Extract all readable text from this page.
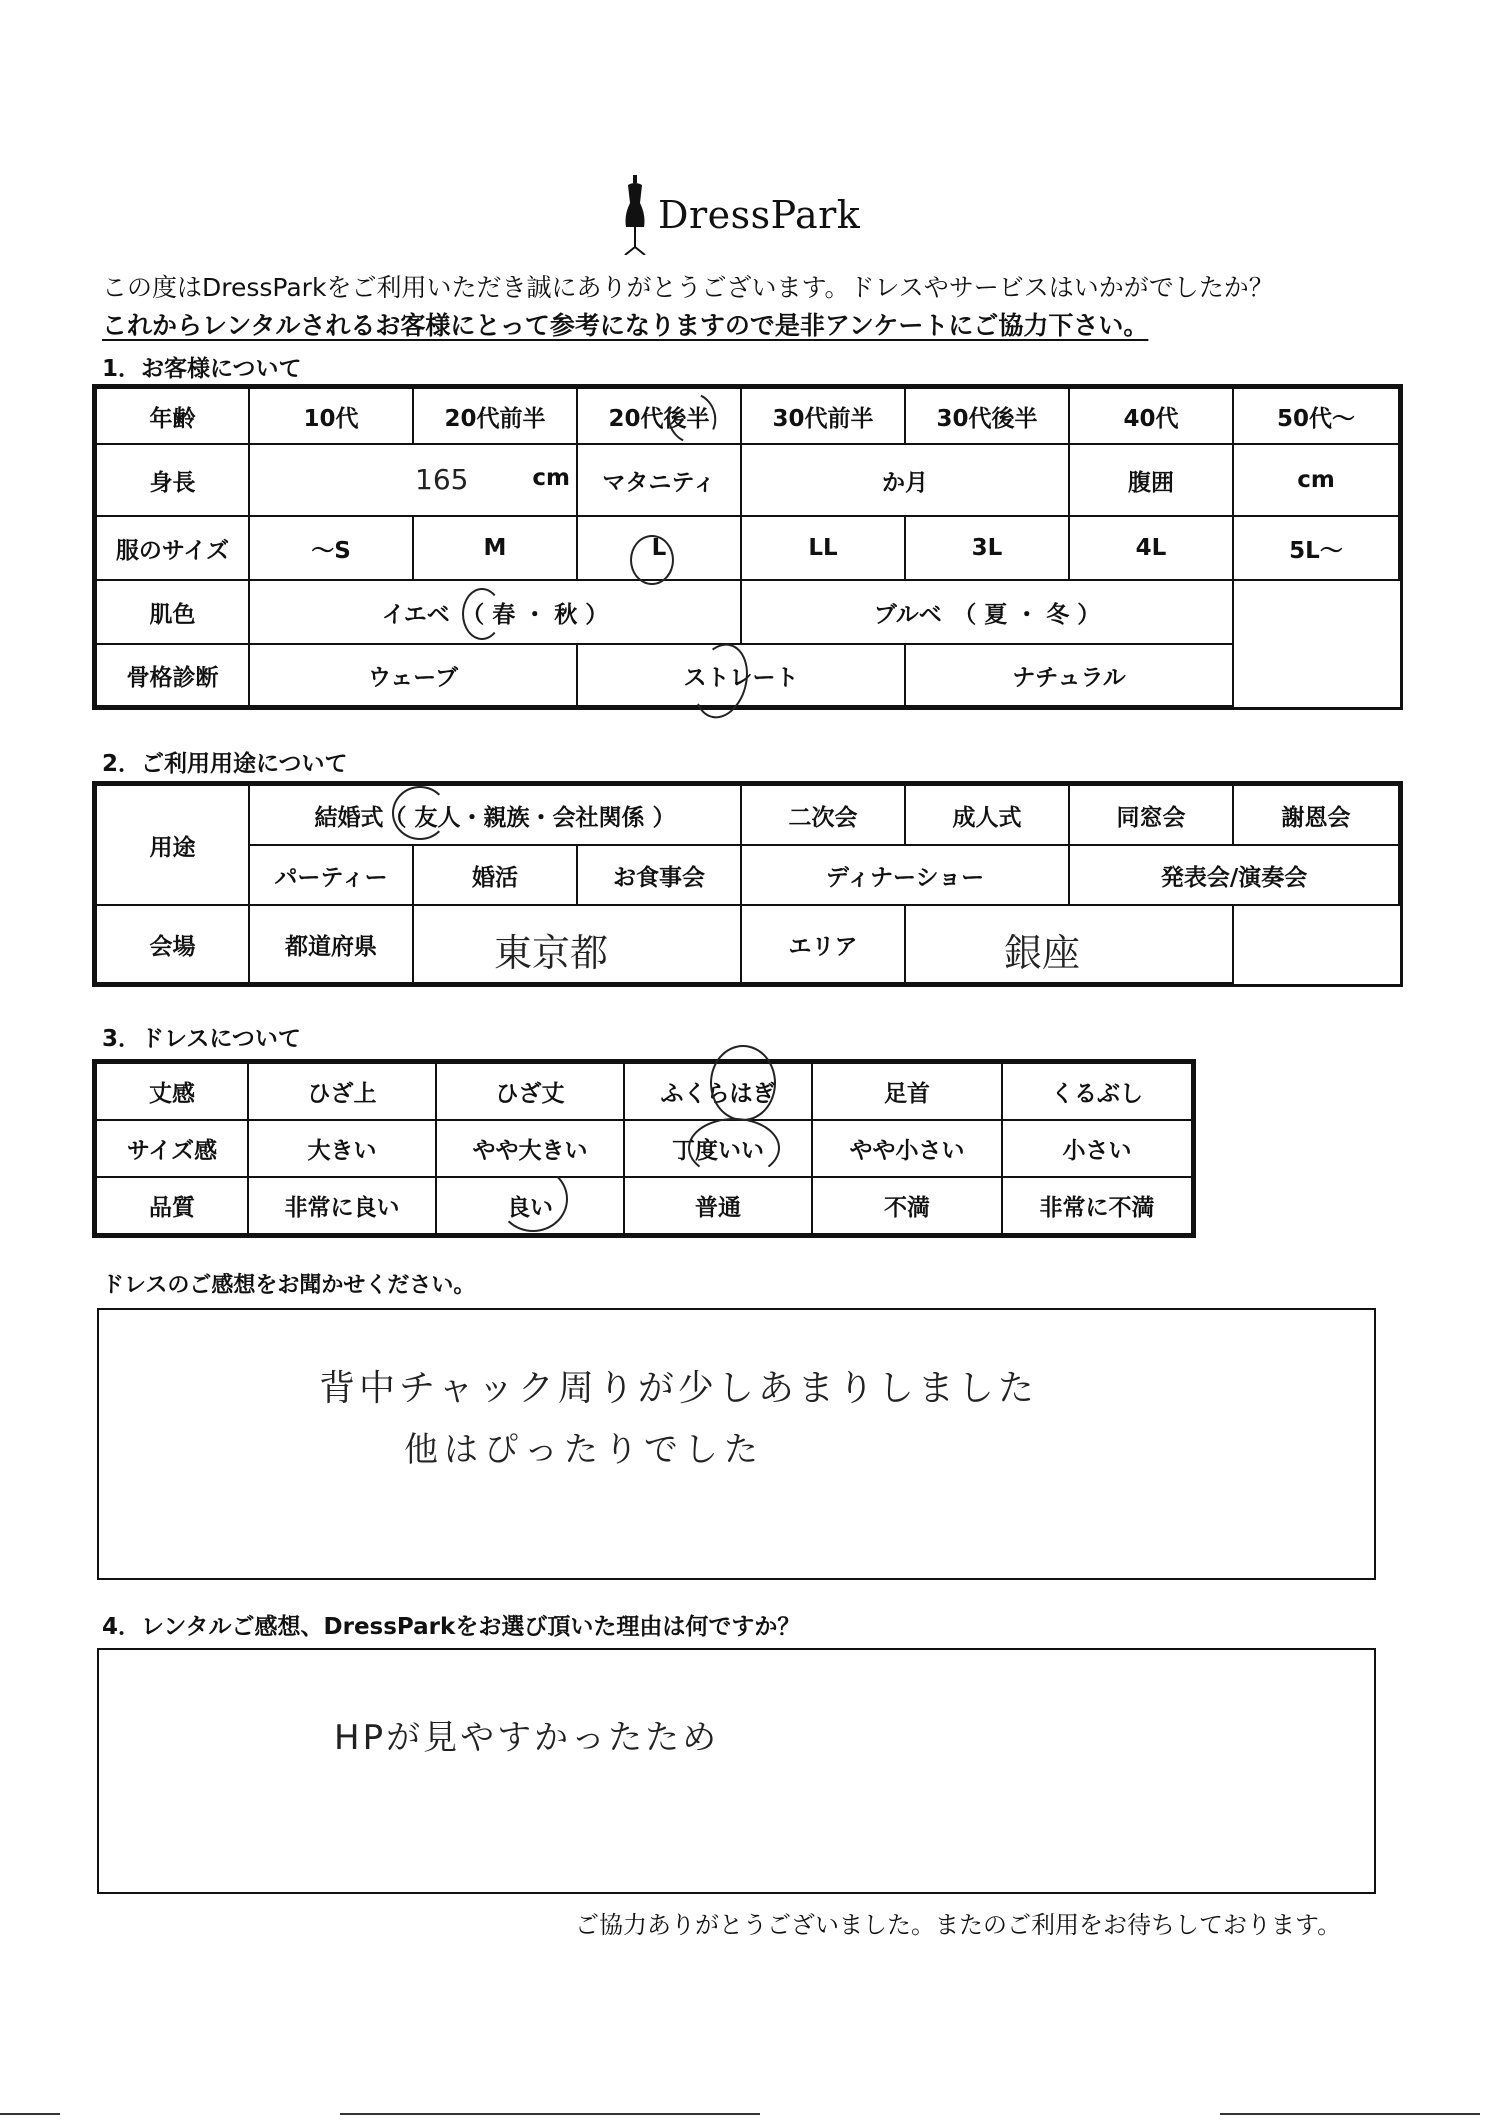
DressPark
この度はDressParkをご利用いただき誠にありがとうございます。ドレスやサービスはいかがでしたか？
これからレンタルされるお客様にとって参考になりますので是非アンケートにご協力下さい。
1．お客様について
年齢	10代	20代前半	20代後半	30代前半	30代後半	40代	50代～
身長	165 cm		マタニティ	か月		腹囲	cm
服のサイズ	～S	M	L	LL	3L	4L	5L～
肌色	イエベ　（ 春 ・ 秋 ）			ブルベ　（ 夏 ・ 冬 ）			
骨格診断	ウェーブ		ストレート		ナチュラル		
2．ご利用用途について
用途	結婚式（ 友人・親族・会社関係 ）			二次会	成人式	同窓会	謝恩会
	パーティー	婚活	お食事会	ディナーショー		発表会/演奏会	
会場	都道府県	東京都		エリア	銀座		

3．ドレスについて
丈感	ひざ上	ひざ丈	ふくらはぎ	足首	くるぶし
サイズ感	大きい	やや大きい	丁度いい	やや小さい	小さい
品質	非常に良い	良い	普通	不満	非常に不満
ドレスのご感想をお聞かせください。
背中チャック周りが少しあまりしました
他はぴったりでした
4．レンタルご感想、DressParkをお選び頂いた理由は何ですか？
HPが見やすかったため
ご協力ありがとうございました。またのご利用をお待ちしております。
